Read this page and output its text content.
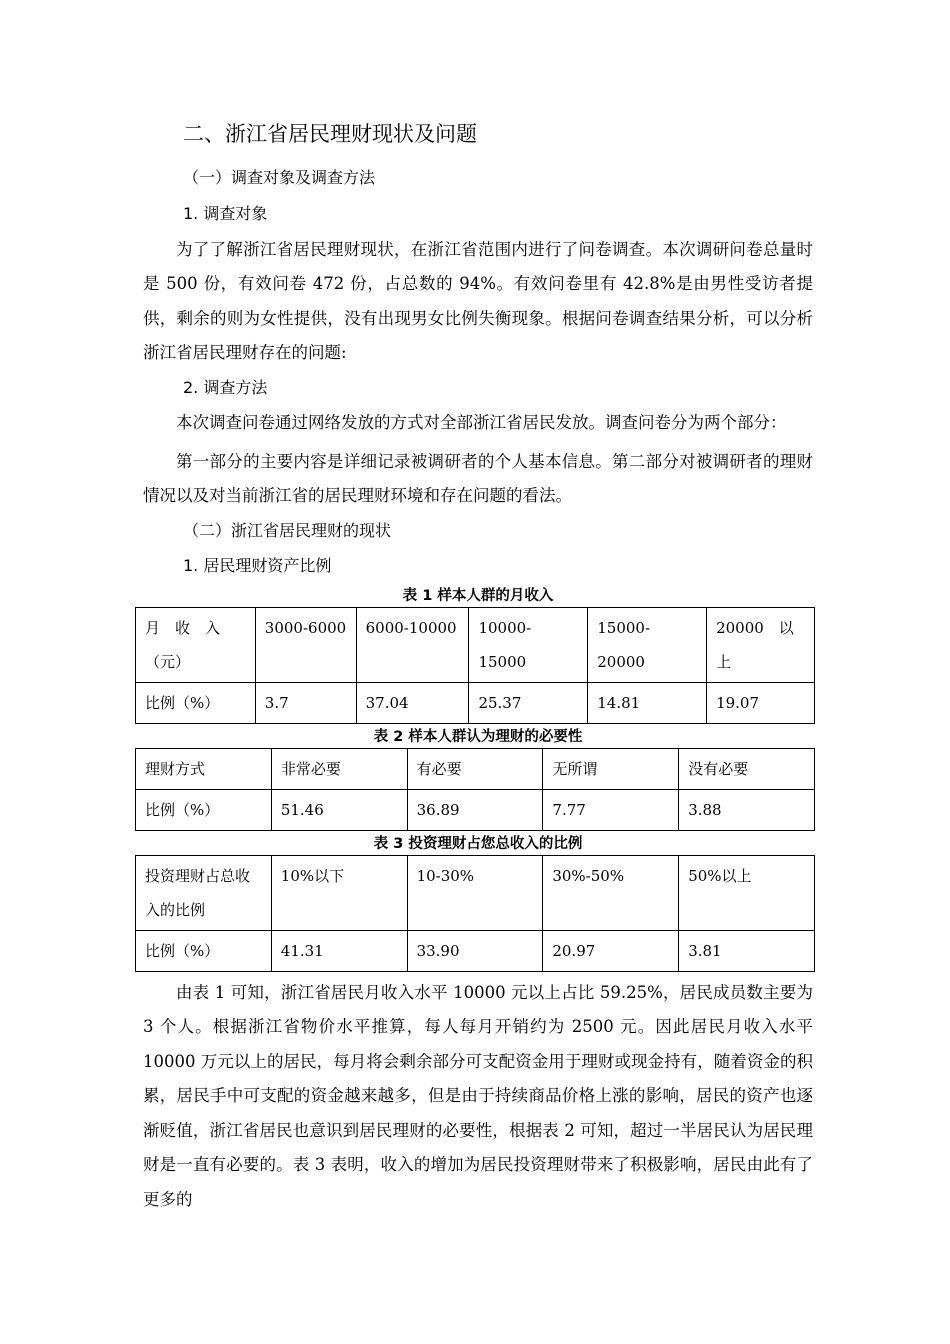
二、浙江省居民理财现状及问题
（一）调查对象及调查方法
1. 调查对象

为了了解浙江省居民理财现状，在浙江省范围内进行了问卷调查。本次调研问卷总量时是 500 份，有效问卷 472 份，占总数的 94%。有效问卷里有 42.8%是由男性受访者提供，剩余的则为女性提供，没有出现男女比例失衡现象。根据问卷调查结果分析，可以分析浙江省居民理财存在的问题:

2. 调查方法

本次调查问卷通过网络发放的方式对全部浙江省居民发放。调查问卷分为两个部分：

第一部分的主要内容是详细记录被调研者的个人基本信息。第二部分对被调研者的理财情况以及对当前浙江省的居民理财环境和存在问题的看法。

（二）浙江省居民理财的现状
1. 居民理财资产比例
表 1 样本人群的月收入
月　收　入（元）	3000-6000	6000-10000	10000-15000	15000-20000	20000　以上
比例（%）	3.7	37.04	25.37	14.81	19.07
表 2 样本人群认为理财的必要性
理财方式	非常必要	有必要	无所谓	没有必要
比例（%）	51.46	36.89	7.77	3.88
表 3 投资理财占您总收入的比例
投资理财占总收入的比例	10%以下	10-30%	30%-50%	50%以上
比例（%）	41.31	33.90	20.97	3.81

由表 1 可知，浙江省居民月收入水平 10000 元以上占比 59.25%，居民成员数主要为 3 个人。根据浙江省物价水平推算，每人每月开销约为 2500 元。因此居民月收入水平 10000 万元以上的居民，每月将会剩余部分可支配资金用于理财或现金持有，随着资金的积累，居民手中可支配的资金越来越多，但是由于持续商品价格上涨的影响，居民的资产也逐渐贬值，浙江省居民也意识到居民理财的必要性，根据表 2 可知，超过一半居民认为居民理财是一直有必要的。表 3 表明，收入的增加为居民投资理财带来了积极影响，居民由此有了更多的
